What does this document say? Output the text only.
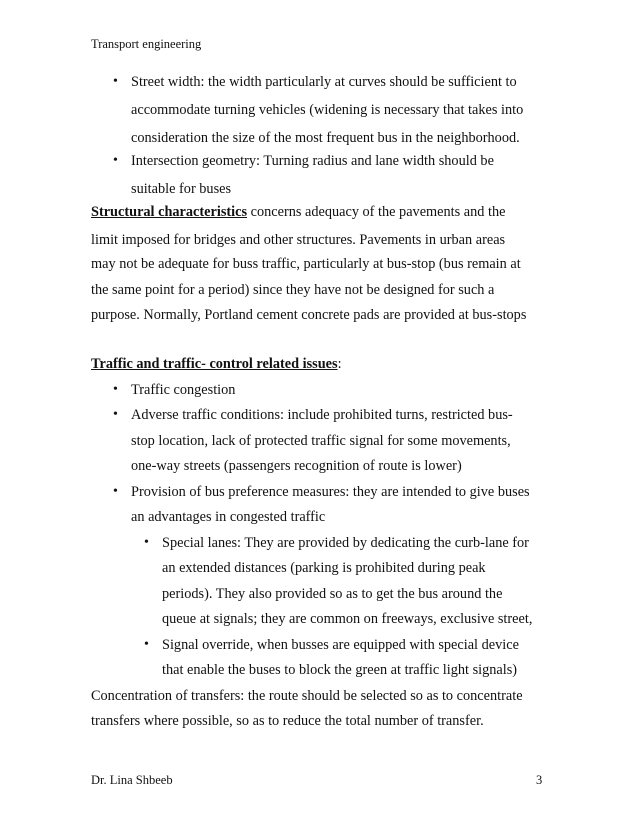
Transport engineering
• Street width: the width particularly at curves should be sufficient to
accommodate turning vehicles (widening is necessary that takes into
consideration the size of the most frequent bus in the neighborhood.
• Intersection geometry: Turning radius and lane width should be
suitable for buses
Structural characteristics concerns adequacy of the pavements and the
limit imposed for bridges and other structures. Pavements in urban areas
may not be adequate for buss traffic, particularly at bus-stop (bus remain at
the same point for a period) since they have not be designed for such a
purpose. Normally, Portland cement concrete pads are provided at bus-stops
Traffic and traffic- control related issues:
• Traffic congestion
• Adverse traffic conditions: include prohibited turns, restricted bus-
stop location, lack of protected traffic signal for some movements,
one-way streets (passengers recognition of route is lower)
• Provision of bus preference measures: they are intended to give buses
an advantages in congested traffic
• Special lanes: They are provided by dedicating the curb-lane for
an extended distances (parking is prohibited during peak
periods). They also provided so as to get the bus around the
queue at signals; they are common on freeways, exclusive street,
• Signal override, when busses are equipped with special device
that enable the buses to block the green at traffic light signals)
Concentration of transfers: the route should be selected so as to concentrate
transfers where possible, so as to reduce the total number of transfer.
Dr. Lina Shbeeb	3
